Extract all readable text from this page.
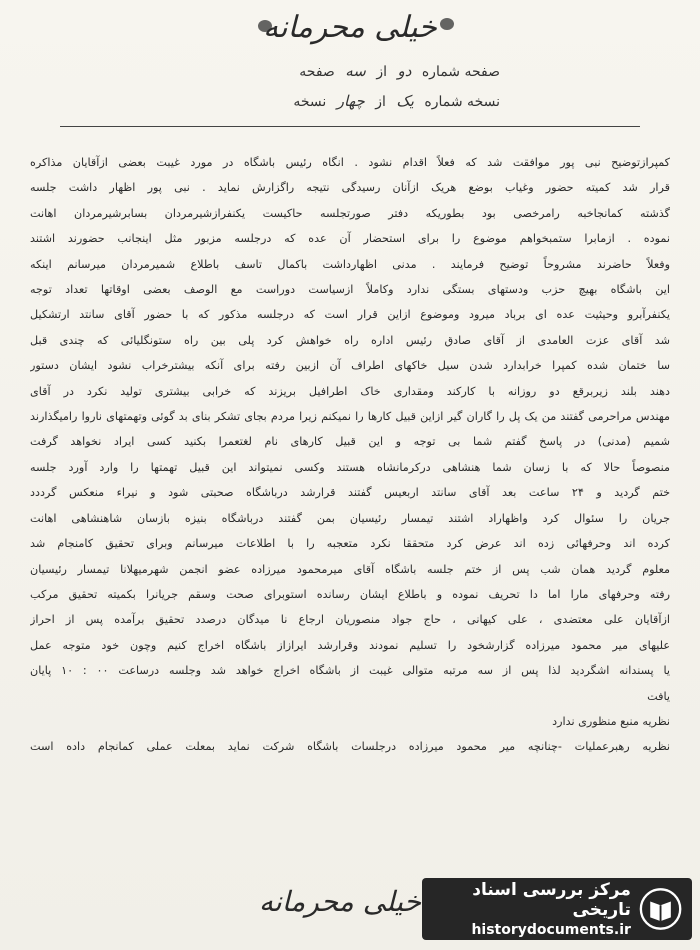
خیلی محرمانه
صفحه شماره دو از سه صفحه
نسخه شماره یک از چهار نسخه
کمپرازتوضیح نبی پور موافقت شد که فعلاً اقدام نشود . انگاه رئیس باشگاه در مورد غیبت بعضی ازآقایان مذاکره
قرار شد کمیته حضور وغیاب بوضع هریک ازآنان رسیدگی نتیجه راگزارش نماید . نبی پور اظهار داشت جلسه
گذشته کمانجاخبه رامرخصی بود بطوریکه دفتر صورتجلسه حاکیست یکنفرازشیرمردان بسابرشیرمردان اهانت
نموده . ازمابرا ستمبخواهم موضوع را برای استحضار آن عده که درجلسه مزبور مثل اینجانب حضورند اشتند
وفعلاً حاضرند مشروحاً توضیح فرمایند . مدنی اظهارداشت باکمال تاسف باطلاع شمیرمردان میرسانم اینکه
این باشگاه بهیچ حزب ودستهای بستگی ندارد وکاملاً ازسیاست دوراست مع الوصف بعضی اوقاتها تعداد توجه
یکنفرآبرو وحیثیت عده ای برباد میرود وموضوع ازاین قرار است که درجلسه مذکور که با حضور آقای سانتد ارتشکیل
شد آقای عزت العامدی از آقای صادق رئیس اداره راه خواهش کرد پلی بین راه ستونگلیائی که چندی قبل
سا ختمان شده کمپرا خرابدارد شدن سیل خاکهای اطراف آن ازبین رفته برای آنکه بیشترخراب نشود ایشان دستور
دهند بلند زیربرقع دو روزانه با کارکند ومقداری خاک اطرافیل بریزند که خرابی بیشتری تولید نکرد در آقای
مهندس مراحرمی گفتند من یک پل را گاران گیر ازاین قبیل کارها را نمیکنم زیرا مردم بجای تشکر بنای بد گوئی وتهمتهای ناروا رامیگذارند
شمیم (مدنی) در پاسخ گفتم شما بی توجه و این قبیل کارهای نام لغتعمرا بکنید کسی ایراد نخواهد گرفت
منصوصاً حالا که با زسان شما هنشاهی درکرمانشاه هستند وکسی نمیتواند این قبیل تهمتها را وارد آورد جلسه
ختم گردید و ۲۴ ساعت بعد آقای سانتد اربعیس گفتند قرارشد درباشگاه صحبتی شود و نیراء منعکس گرددد
جریان را سئوال کرد واظهاراد اشتند تیمسار رئیسیان بمن گفتند درباشگاه بنیزه بازسان شاهنشاهی اهانت
کرده اند وحرفهائی زده اند عرض کرد متحققا نکرد متعجبه را با اطلاعات میرسانم وبرای تحقیق کامنجام شد
معلوم گردید همان شب پس از ختم جلسه باشگاه آقای میرمحمود میرزاده عضو انجمن شهرمیهلانا تیمسار رئیسیان
رفته وحرفهای مارا اما دا تحریف نموده و باطلاع ایشان رسانده استوبرای صحت وسقم جریانرا بکمیته تحقیق مرکب
ازآقایان علی معتضدی ، علی کیهانی ، حاج جواد منصوریان ارجاع نا میدگان درصدد تحقیق برآمده پس از احراز
علیهای میر محمود میرزاده گزارشخود را تسلیم نمودند وقرارشد ایرازاز باشگاه اخراج کنیم وچون خود متوجه عمل
یا پسندانه اشگردید لذا پس از سه مرتبه متوالی غیبت از باشگاه اخراج خواهد شد وجلسه درساعت ۰۰ : ۱۰ پایان
یافت
نظریه منبع منظوری ندارد
نظریه رهبرعملیات -چنانچه میر محمود میرزاده درجلسات باشگاه شرکت نماید بمعلت عملی کمانجام داده است
خیلی محرمانه	مرکز بررسی اسناد تاریخی
historydocuments.ir
